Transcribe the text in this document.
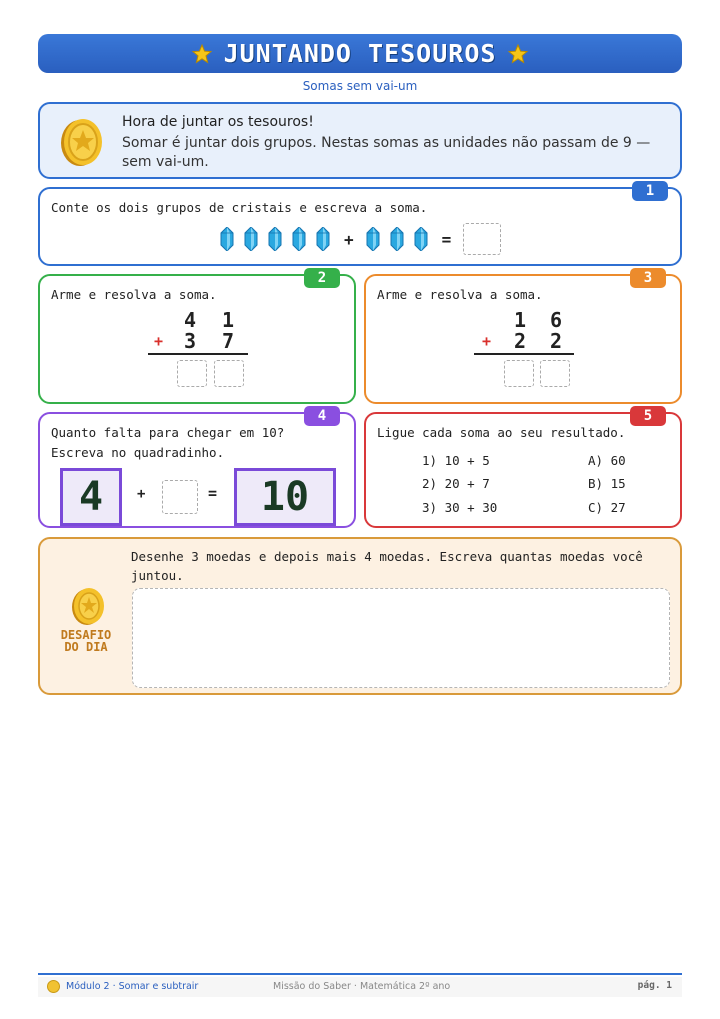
JUNTANDO TESOUROS
Somas sem vai-um
Hora de juntar os tesouros!
Somar é juntar dois grupos. Nestas somas as unidades não passam de 9 — sem vai-um.
1
Conte os dois grupos de cristais e escreva a soma.
+	=
2
Arme e resolva a soma.
4 1
+ 3 7
3
Arme e resolva a soma.
1 6
+ 2 2
4
Quanto falta para chegar em 10?
Escreva no quadradinho.
4	+	=	10
5
Ligue cada soma ao seu resultado.
1) 10 + 5
2) 20 + 7
3) 30 + 30
A) 60
B) 15
C) 27
DESAFIO
DO DIA
Desenhe 3 moedas e depois mais 4 moedas. Escreva quantas moedas você juntou.
Módulo 2 · Somar e subtrair	Missão do Saber · Matemática 2º ano	pág. 1
